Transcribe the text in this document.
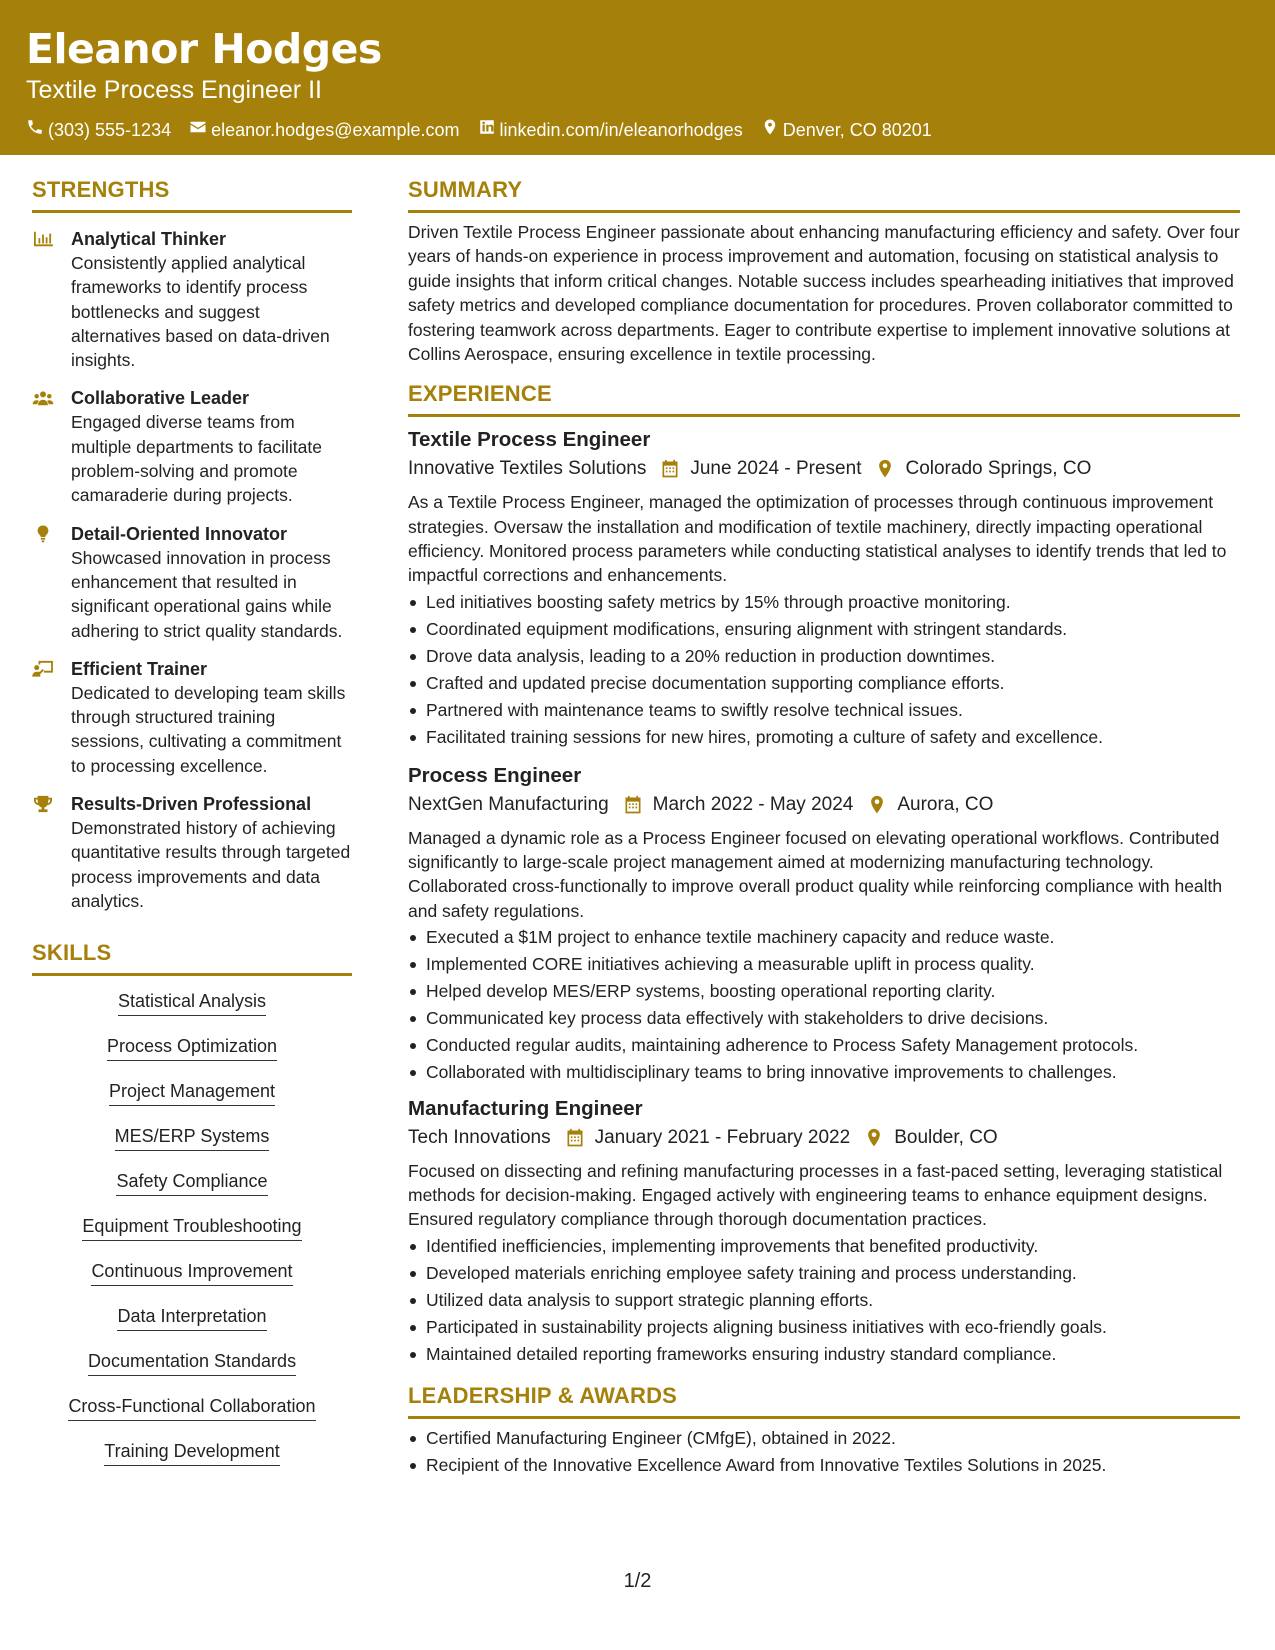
Eleanor Hodges
Textile Process Engineer II
(303) 555-1234 eleanor.hodges@example.com linkedin.com/in/eleanorhodges Denver, CO 80201
STRENGTHS
Analytical Thinker
Consistently applied analytical frameworks to identify process bottlenecks and suggest alternatives based on data-driven insights.
Collaborative Leader
Engaged diverse teams from multiple departments to facilitate problem-solving and promote camaraderie during projects.
Detail-Oriented Innovator
Showcased innovation in process enhancement that resulted in significant operational gains while adhering to strict quality standards.
Efficient Trainer
Dedicated to developing team skills through structured training sessions, cultivating a commitment to processing excellence.
Results-Driven Professional
Demonstrated history of achieving quantitative results through targeted process improvements and data analytics.
SKILLS
Statistical Analysis
Process Optimization
Project Management
MES/ERP Systems
Safety Compliance
Equipment Troubleshooting
Continuous Improvement
Data Interpretation
Documentation Standards
Cross-Functional Collaboration
Training Development
SUMMARY
Driven Textile Process Engineer passionate about enhancing manufacturing efficiency and safety. Over four years of hands-on experience in process improvement and automation, focusing on statistical analysis to guide insights that inform critical changes. Notable success includes spearheading initiatives that improved safety metrics and developed compliance documentation for procedures. Proven collaborator committed to fostering teamwork across departments. Eager to contribute expertise to implement innovative solutions at Collins Aerospace, ensuring excellence in textile processing.
EXPERIENCE
Textile Process Engineer
Innovative Textiles Solutions June 2024 - Present Colorado Springs, CO
As a Textile Process Engineer, managed the optimization of processes through continuous improvement strategies. Oversaw the installation and modification of textile machinery, directly impacting operational efficiency. Monitored process parameters while conducting statistical analyses to identify trends that led to impactful corrections and enhancements.
Led initiatives boosting safety metrics by 15% through proactive monitoring.
Coordinated equipment modifications, ensuring alignment with stringent standards.
Drove data analysis, leading to a 20% reduction in production downtimes.
Crafted and updated precise documentation supporting compliance efforts.
Partnered with maintenance teams to swiftly resolve technical issues.
Facilitated training sessions for new hires, promoting a culture of safety and excellence.
Process Engineer
NextGen Manufacturing March 2022 - May 2024 Aurora, CO
Managed a dynamic role as a Process Engineer focused on elevating operational workflows. Contributed significantly to large-scale project management aimed at modernizing manufacturing technology. Collaborated cross-functionally to improve overall product quality while reinforcing compliance with health and safety regulations.
Executed a $1M project to enhance textile machinery capacity and reduce waste.
Implemented CORE initiatives achieving a measurable uplift in process quality.
Helped develop MES/ERP systems, boosting operational reporting clarity.
Communicated key process data effectively with stakeholders to drive decisions.
Conducted regular audits, maintaining adherence to Process Safety Management protocols.
Collaborated with multidisciplinary teams to bring innovative improvements to challenges.
Manufacturing Engineer
Tech Innovations January 2021 - February 2022 Boulder, CO
Focused on dissecting and refining manufacturing processes in a fast-paced setting, leveraging statistical methods for decision-making. Engaged actively with engineering teams to enhance equipment designs. Ensured regulatory compliance through thorough documentation practices.
Identified inefficiencies, implementing improvements that benefited productivity.
Developed materials enriching employee safety training and process understanding.
Utilized data analysis to support strategic planning efforts.
Participated in sustainability projects aligning business initiatives with eco-friendly goals.
Maintained detailed reporting frameworks ensuring industry standard compliance.
LEADERSHIP & AWARDS
Certified Manufacturing Engineer (CMfgE), obtained in 2022.
Recipient of the Innovative Excellence Award from Innovative Textiles Solutions in 2025.
1/2
